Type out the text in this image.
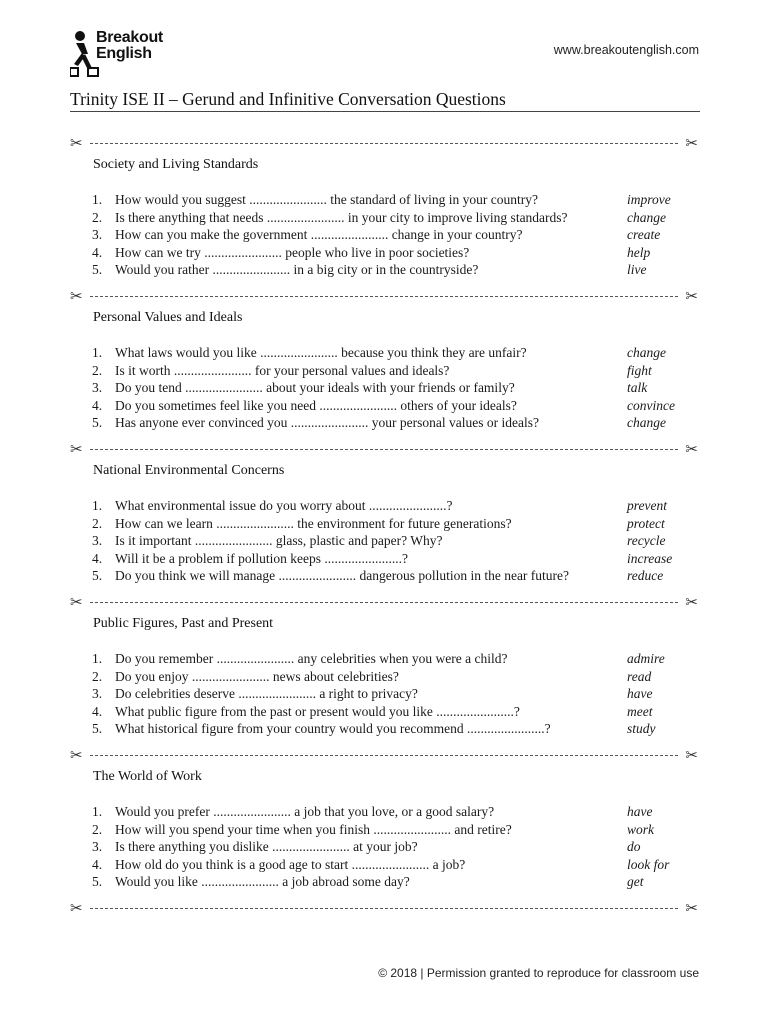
Breakout
English	www.breakoutenglish.com
Trinity ISE II – Gerund and Infinitive Conversation Questions
✂	✂
✂	✂
✂	✂
✂	✂
✂	✂
✂	✂
Society and Living Standards
1. How would you suggest ....................... the standard of living in your country?	improve
2. Is there anything that needs ....................... in your city to improve living standards?	change
3. How can you make the government ....................... change in your country?	create
4. How can we try ....................... people who live in poor societies?	help
5. Would you rather ....................... in a big city or in the countryside?	live
Personal Values and Ideals
1. What laws would you like ....................... because you think they are unfair?	change
2. Is it worth ....................... for your personal values and ideals?	fight
3. Do you tend ....................... about your ideals with your friends or family?	talk
4. Do you sometimes feel like you need ....................... others of your ideals?	convince
5. Has anyone ever convinced you ....................... your personal values or ideals?	change
National Environmental Concerns
1. What environmental issue do you worry about .......................?	prevent
2. How can we learn ....................... the environment for future generations?	protect
3. Is it important ....................... glass, plastic and paper? Why?	recycle
4. Will it be a problem if pollution keeps .......................?	increase
5. Do you think we will manage ....................... dangerous pollution in the near future?	reduce
Public Figures, Past and Present
1. Do you remember ....................... any celebrities when you were a child?	admire
2. Do you enjoy ....................... news about celebrities?	read
3. Do celebrities deserve ....................... a right to privacy?	have
4. What public figure from the past or present would you like .......................?	meet
5. What historical figure from your country would you recommend .......................?	study
The World of Work
1. Would you prefer ....................... a job that you love, or a good salary?	have
2. How will you spend your time when you finish ....................... and retire?	work
3. Is there anything you dislike ....................... at your job?	do
4. How old do you think is a good age to start ....................... a job?	look for
5. Would you like ....................... a job abroad some day?	get
© 2018 | Permission granted to reproduce for classroom use
